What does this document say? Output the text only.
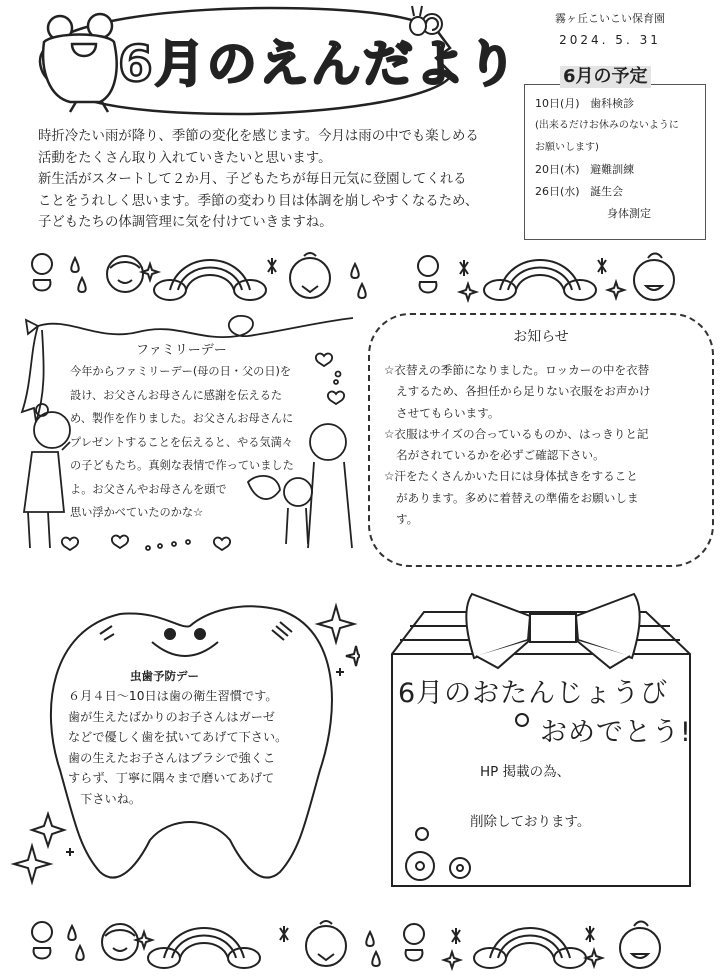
6月のえんだより
霧ヶ丘こいこい保育園
2024. 5. 31
6月の予定
10日(月) 歯科検診
(出来るだけお休みのないように
お願いします)
20日(木) 避難訓練
26日(水) 誕生会
身体測定
時折冷たい雨が降り、季節の変化を感じます。今月は雨の中でも楽しめる
活動をたくさん取り入れていきたいと思います。
新生活がスタートして２か月、子どもたちが毎日元気に登園してくれる
ことをうれしく思います。季節の変わり目は体調を崩しやすくなるため、
子どもたちの体調管理に気を付けていきますね。
ファミリーデー
今年からファミリーデー(母の日・父の日)を
設け、お父さんお母さんに感謝を伝えるた
め、製作を作りました。お父さんお母さんに
プレゼントすることを伝えると、やる気満々
の子どもたち。真剣な表情で作っていました
よ。お父さんやお母さんを頭で
思い浮かべていたのかな☆
お知らせ
☆衣替えの季節になりました。ロッカーの中を衣替
えするため、各担任から足りない衣服をお声かけ
させてもらいます。
☆衣服はサイズの合っているものか、はっきりと記
名がされているかを必ずご確認下さい。
☆汗をたくさんかいた日には身体拭きをすること
があります。多めに着替えの準備をお願いしま
す。
虫歯予防デー
６月４日～10日は歯の衛生習慣です。
歯が生えたばかりのお子さんはガーゼ
などで優しく歯を拭いてあげて下さい。
歯の生えたお子さんはブラシで強くこ
すらず、丁寧に隅々まで磨いてあげて
　下さいね。
6月のおたんじょうび
おめでとう!
HP 掲載の為、
削除しております。
